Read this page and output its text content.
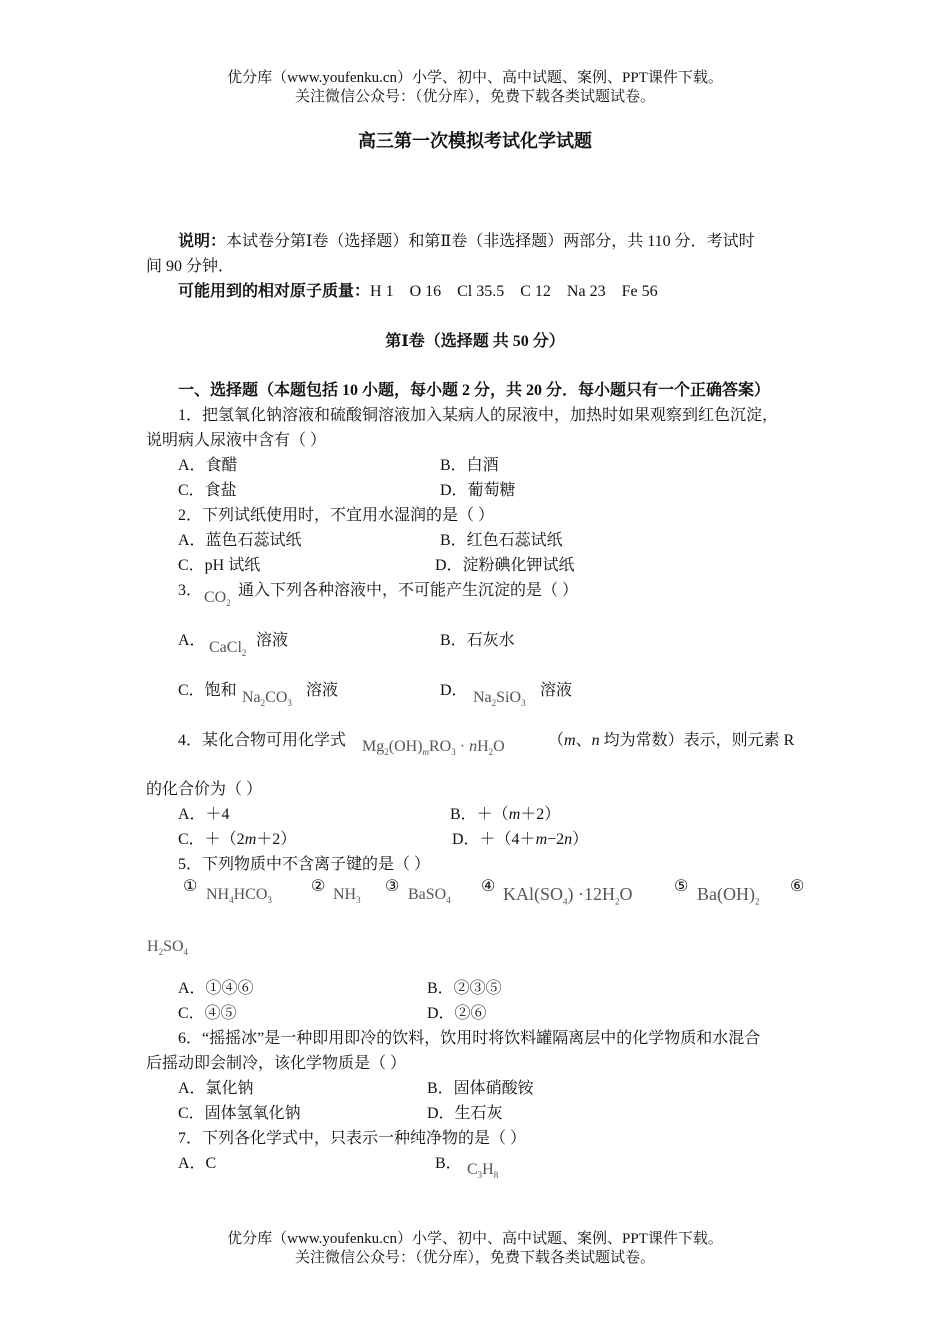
优分库（www.youfenku.cn）小学、初中、高中试题、案例、PPT课件下载。
关注微信公众号：（优分库），免费下载各类试题试卷。
高三第一次模拟考试化学试题
说明：本试卷分第Ⅰ卷（选择题）和第Ⅱ卷（非选择题）两部分，共 110 分．考试时
间 90 分钟．
可能用到的相对原子质量：H 1    O 16    Cl 35.5    C 12    Na 23    Fe 56
第Ⅰ卷（选择题 共 50 分）
一、选择题（本题包括 10 小题，每小题 2 分，共 20 分．每小题只有一个正确答案）
1．把氢氧化钠溶液和硫酸铜溶液加入某病人的尿液中，加热时如果观察到红色沉淀，
说明病人尿液中含有（ ）
A．食醋	B．白酒
C．食盐	D．葡萄糖
2．下列试纸使用时，不宜用水湿润的是（ ）
A．蓝色石蕊试纸	B．红色石蕊试纸
C．pH 试纸	D．淀粉碘化钾试纸
3． $CO_2$
通入下列各种溶液中，不可能产生沉淀的是（ ）
A． CaCl$_2$
溶液	B．石灰水
C．饱和 $Na_2CO_3$
溶液	D． $Na_2SiO_3$
溶液
4．某化合物可用化学式 $Mg_2(OH)_mRO_3 \cdot nH_2O$	（m、n 均为常数）表示，则元素 R
的化合价为（ ）
A．＋4	B．＋（m＋2）
C．＋（2m＋2）	D．＋（4＋m−2n）
5．下列物质中不含离子键的是（ ）
① $NH_4HCO_3$
② $NH_3$
③ BaSO$_4$
④ $KAl(SO_4) \cdot 12H_2O$	⑤ $Ba(OH)_2$
⑥
$H_2SO_4$
A．①④⑥	B．②③⑤
C．④⑤	D．②⑥
6．“摇摇冰”是一种即用即冷的饮料，饮用时将饮料罐隔离层中的化学物质和水混合
后摇动即会制冷，该化学物质是（ ）
A．氯化钠	B．固体硝酸铵
C．固体氢氧化钠	D．生石灰
7．下列各化学式中，只表示一种纯净物的是（ ）
A．C	B． $C_3H_8$
优分库（www.youfenku.cn）小学、初中、高中试题、案例、PPT课件下载。
关注微信公众号：（优分库），免费下载各类试题试卷。
